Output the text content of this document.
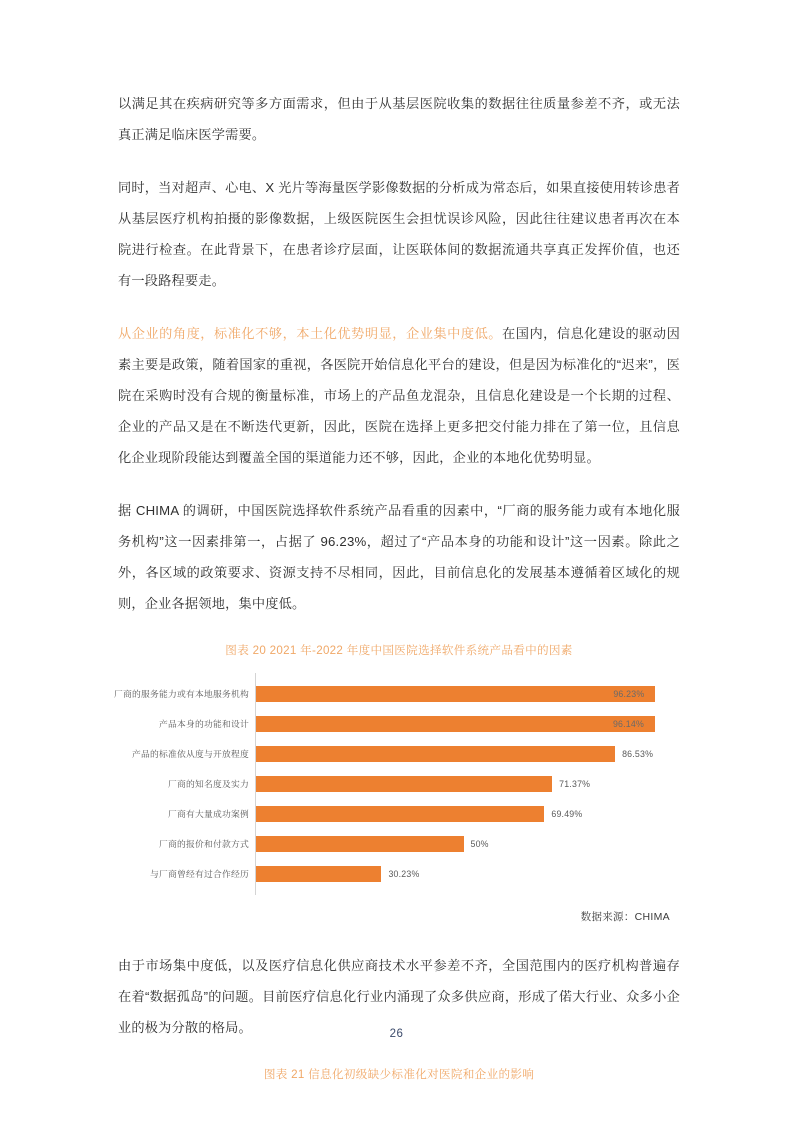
以满足其在疾病研究等多方面需求，但由于从基层医院收集的数据往往质量参差不齐，或无法真正满足临床医学需要。

同时，当对超声、心电、X 光片等海量医学影像数据的分析成为常态后，如果直接使用转诊患者从基层医疗机构拍摄的影像数据，上级医院医生会担忧误诊风险，因此往往建议患者再次在本院进行检查。在此背景下，在患者诊疗层面，让医联体间的数据流通共享真正发挥价值，也还有一段路程要走。

从企业的角度，标准化不够，本土化优势明显，企业集中度低。在国内，信息化建设的驱动因素主要是政策，随着国家的重视，各医院开始信息化平台的建设，但是因为标准化的“迟来”，医院在采购时没有合规的衡量标准，市场上的产品鱼龙混杂，且信息化建设是一个长期的过程、企业的产品又是在不断迭代更新，因此，医院在选择上更多把交付能力排在了第一位，且信息化企业现阶段能达到覆盖全国的渠道能力还不够，因此，企业的本地化优势明显。

据 CHIMA 的调研，中国医院选择软件系统产品看重的因素中，“厂商的服务能力或有本地化服务机构”这一因素排第一，占据了 96.23%，超过了“产品本身的功能和设计”这一因素。除此之外，各区域的政策要求、资源支持不尽相同，因此，目前信息化的发展基本遵循着区域化的规则，企业各据领地，集中度低。

图表 20 2021 年-2022 年度中国医院选择软件系统产品看中的因素
厂商的服务能力或有本地服务机构	96.23%
产品本身的功能和设计	96.14%
产品的标准依从度与开放程度	86.53%
厂商的知名度及实力	71.37%
厂商有大量成功案例	69.49%
厂商的报价和付款方式	50%
与厂商曾经有过合作经历	30.23%
数据来源：CHIMA

由于市场集中度低，以及医疗信息化供应商技术水平参差不齐，全国范围内的医疗机构普遍存在着“数据孤岛”的问题。目前医疗信息化行业内涌现了众多供应商，形成了偌大行业、众多小企业的极为分散的格局。

图表 21 信息化初级缺少标准化对医院和企业的影响
26
